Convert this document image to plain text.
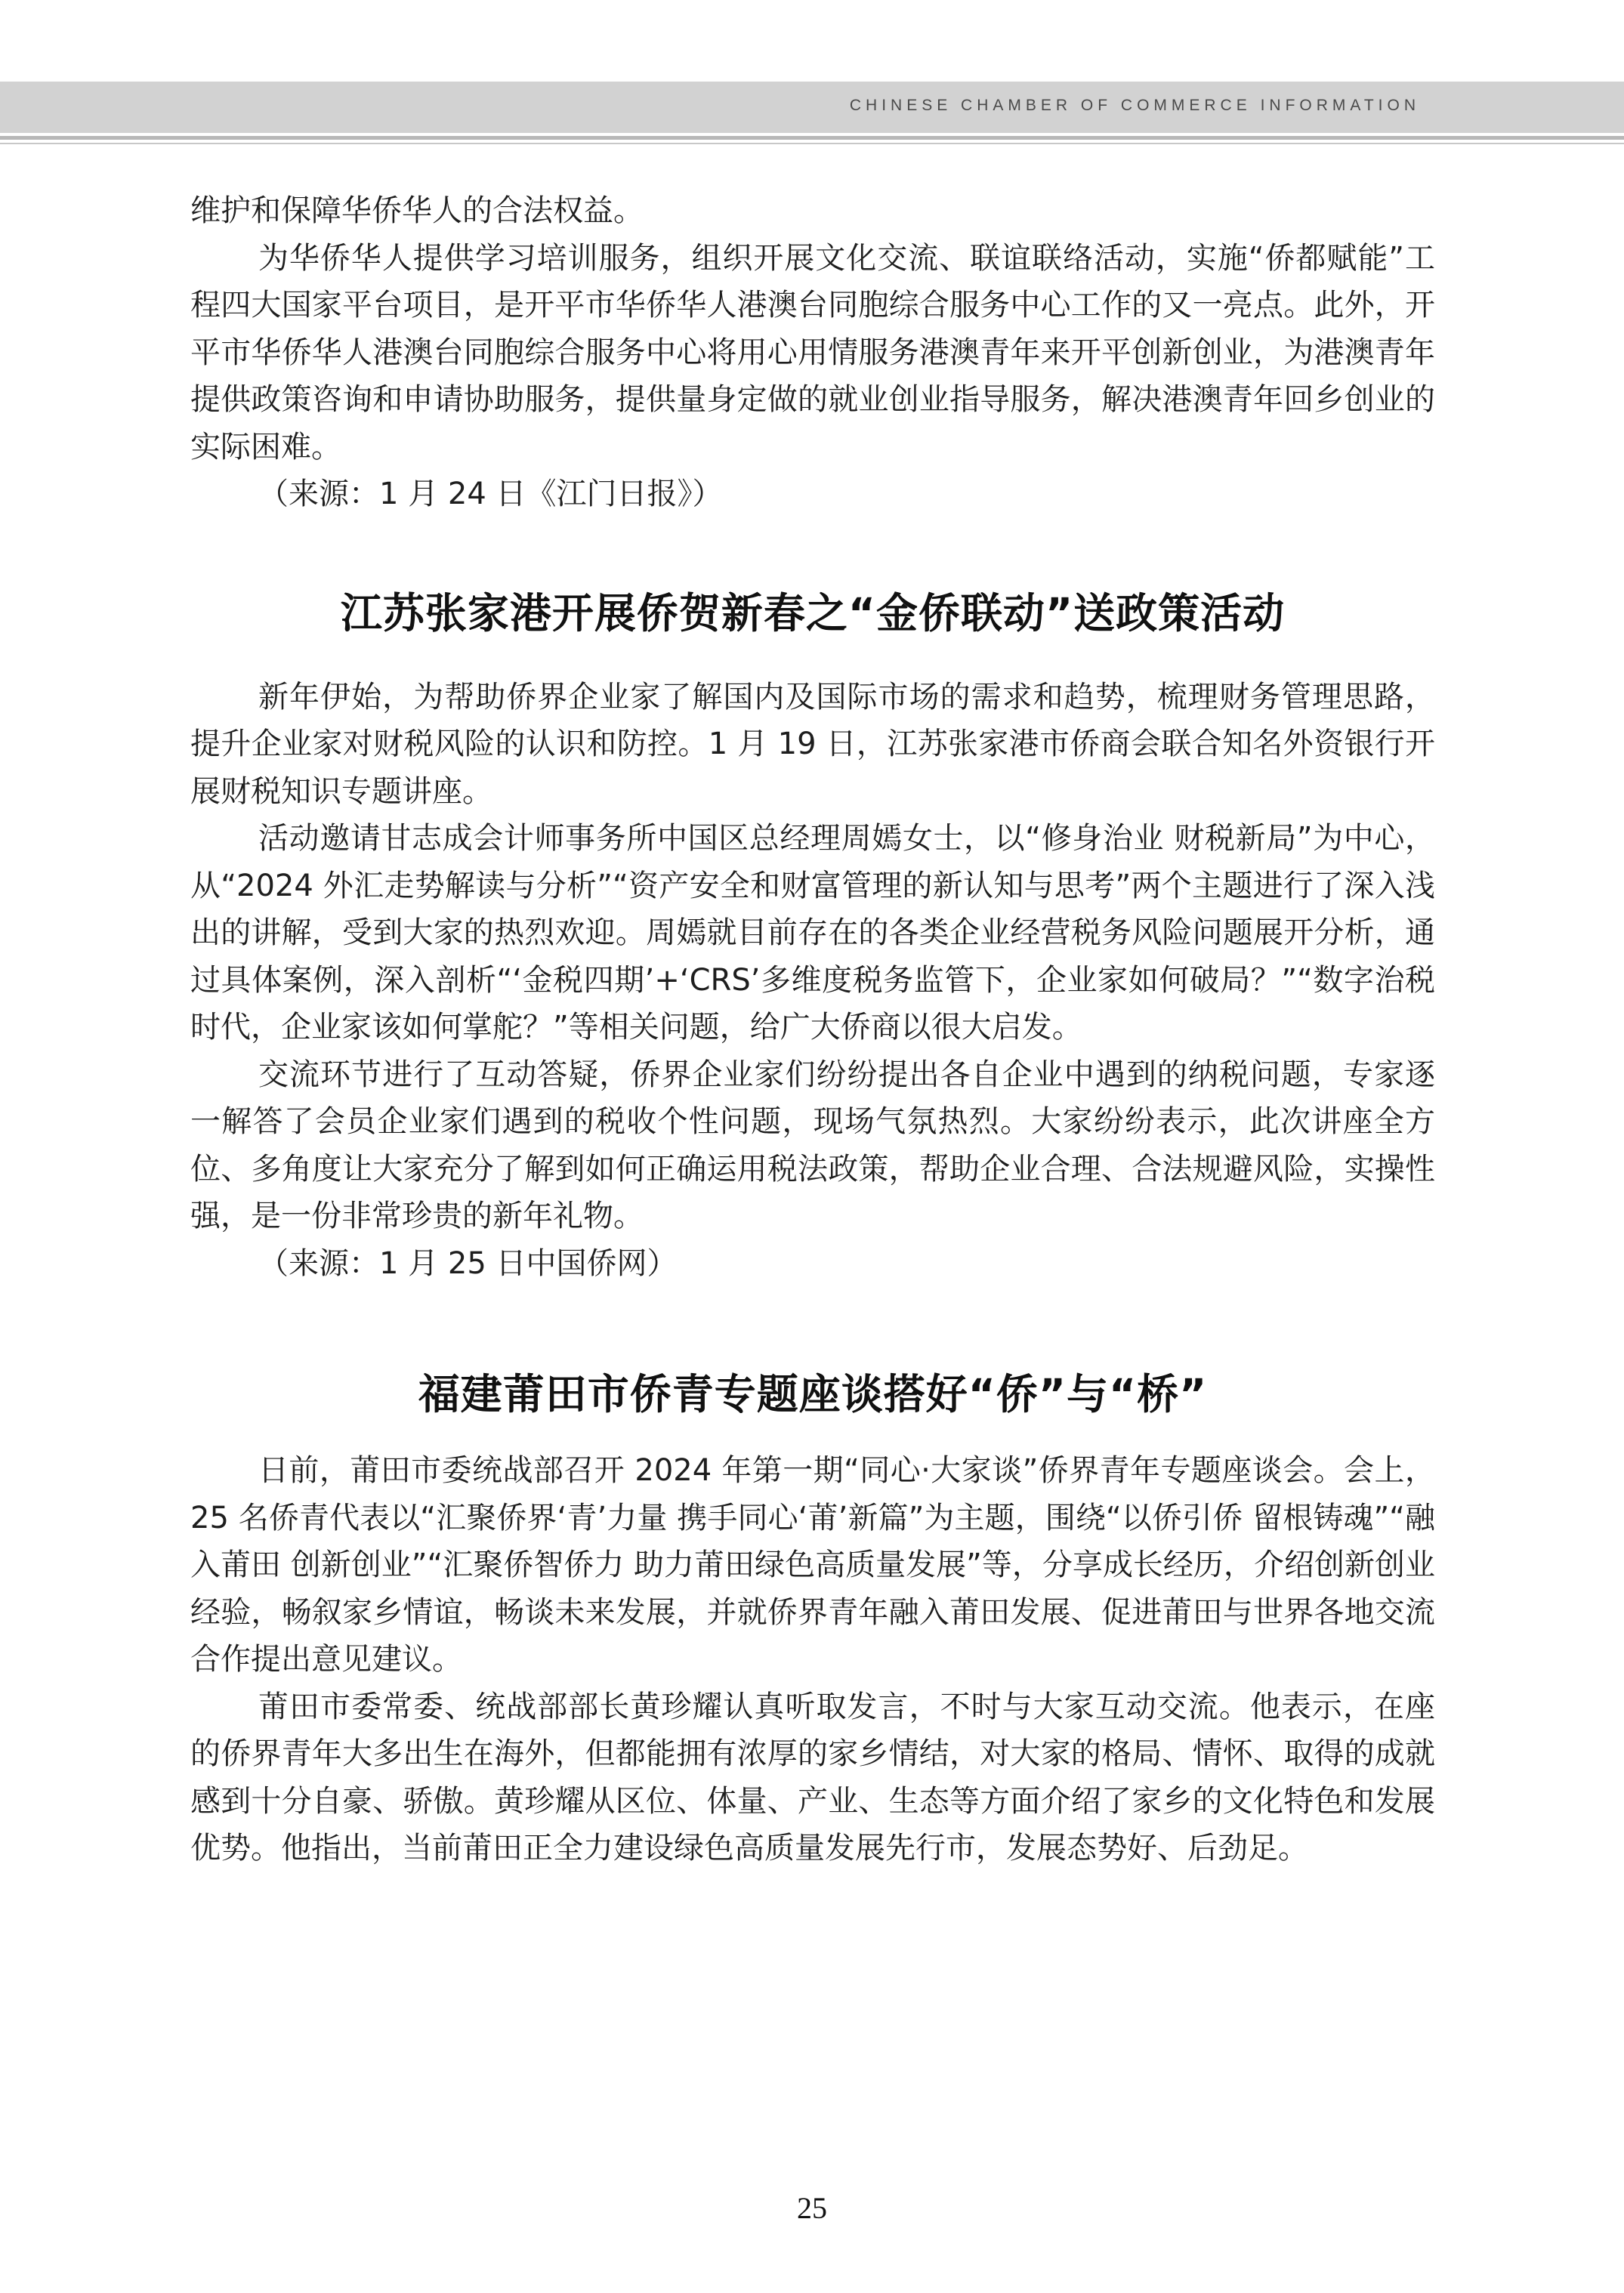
CHINESE CHAMBER OF COMMERCE INFORMATION

维护和保障华侨华人的合法权益。

为华侨华人提供学习培训服务，组织开展文化交流、联谊联络活动，实施“侨都赋能”工程四大国家平台项目，是开平市华侨华人港澳台同胞综合服务中心工作的又一亮点。此外，开平市华侨华人港澳台同胞综合服务中心将用心用情服务港澳青年来开平创新创业，为港澳青年提供政策咨询和申请协助服务，提供量身定做的就业创业指导服务，解决港澳青年回乡创业的实际困难。
（来源：1 月 24 日《江门日报》）

江苏张家港开展侨贺新春之“金侨联动”送政策活动

新年伊始，为帮助侨界企业家了解国内及国际市场的需求和趋势，梳理财务管理思路，提升企业家对财税风险的认识和防控。1 月 19 日，江苏张家港市侨商会联合知名外资银行开展财税知识专题讲座。

活动邀请甘志成会计师事务所中国区总经理周嫣女士，以“修身治业 财税新局”为中心，从“2024 外汇走势解读与分析”“资产安全和财富管理的新认知与思考”两个主题进行了深入浅出的讲解，受到大家的热烈欢迎。周嫣就目前存在的各类企业经营税务风险问题展开分析，通过具体案例，深入剖析“‘金税四期’+‘CRS’多维度税务监管下，企业家如何破局？”“数字治税时代，企业家该如何掌舵？”等相关问题，给广大侨商以很大启发。

交流环节进行了互动答疑，侨界企业家们纷纷提出各自企业中遇到的纳税问题，专家逐一解答了会员企业家们遇到的税收个性问题，现场气氛热烈。大家纷纷表示，此次讲座全方位、多角度让大家充分了解到如何正确运用税法政策，帮助企业合理、合法规避风险，实操性强，是一份非常珍贵的新年礼物。
（来源：1 月 25 日中国侨网）

福建莆田市侨青专题座谈搭好“侨”与“桥”

日前，莆田市委统战部召开 2024 年第一期“同心·大家谈”侨界青年专题座谈会。会上，25 名侨青代表以“汇聚侨界‘青’力量 携手同心‘莆’新篇”为主题，围绕“以侨引侨 留根铸魂”“融入莆田 创新创业”“汇聚侨智侨力 助力莆田绿色高质量发展”等，分享成长经历，介绍创新创业经验，畅叙家乡情谊，畅谈未来发展，并就侨界青年融入莆田发展、促进莆田与世界各地交流合作提出意见建议。

莆田市委常委、统战部部长黄珍耀认真听取发言，不时与大家互动交流。他表示，在座的侨界青年大多出生在海外，但都能拥有浓厚的家乡情结，对大家的格局、情怀、取得的成就感到十分自豪、骄傲。黄珍耀从区位、体量、产业、生态等方面介绍了家乡的文化特色和发展优势。他指出，当前莆田正全力建设绿色高质量发展先行市，发展态势好、后劲足。

25
